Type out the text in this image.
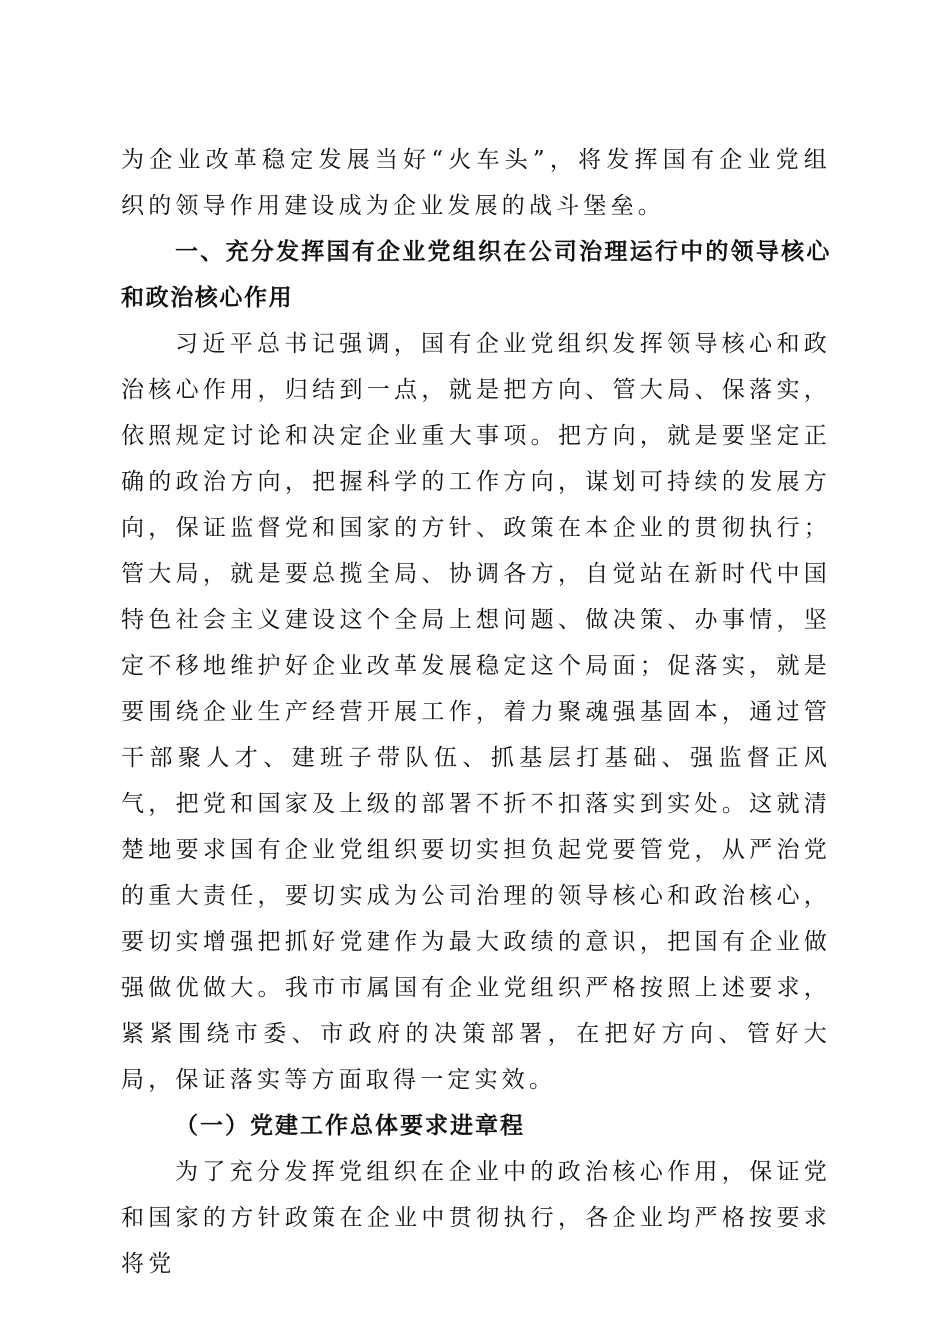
为企业改革稳定发展当好“火车头”，将发挥国有企业党组织的领导作用建设成为企业发展的战斗堡垒。

一、充分发挥国有企业党组织在公司治理运行中的领导核心和政治核心作用

习近平总书记强调，国有企业党组织发挥领导核心和政治核心作用，归结到一点，就是把方向、管大局、保落实，依照规定讨论和决定企业重大事项。把方向，就是要坚定正确的政治方向，把握科学的工作方向，谋划可持续的发展方向，保证监督党和国家的方针、政策在本企业的贯彻执行；管大局，就是要总揽全局、协调各方，自觉站在新时代中国特色社会主义建设这个全局上想问题、做决策、办事情，坚定不移地维护好企业改革发展稳定这个局面；促落实，就是要围绕企业生产经营开展工作，着力聚魂强基固本，通过管干部聚人才、建班子带队伍、抓基层打基础、强监督正风气，把党和国家及上级的部署不折不扣落实到实处。这就清楚地要求国有企业党组织要切实担负起党要管党，从严治党的重大责任，要切实成为公司治理的领导核心和政治核心，要切实增强把抓好党建作为最大政绩的意识，把国有企业做强做优做大。我市市属国有企业党组织严格按照上述要求，紧紧围绕市委、市政府的决策部署，在把好方向、管好大局，保证落实等方面取得一定实效。

（一）党建工作总体要求进章程

为了充分发挥党组织在企业中的政治核心作用，保证党和国家的方针政策在企业中贯彻执行，各企业均严格按要求将党
